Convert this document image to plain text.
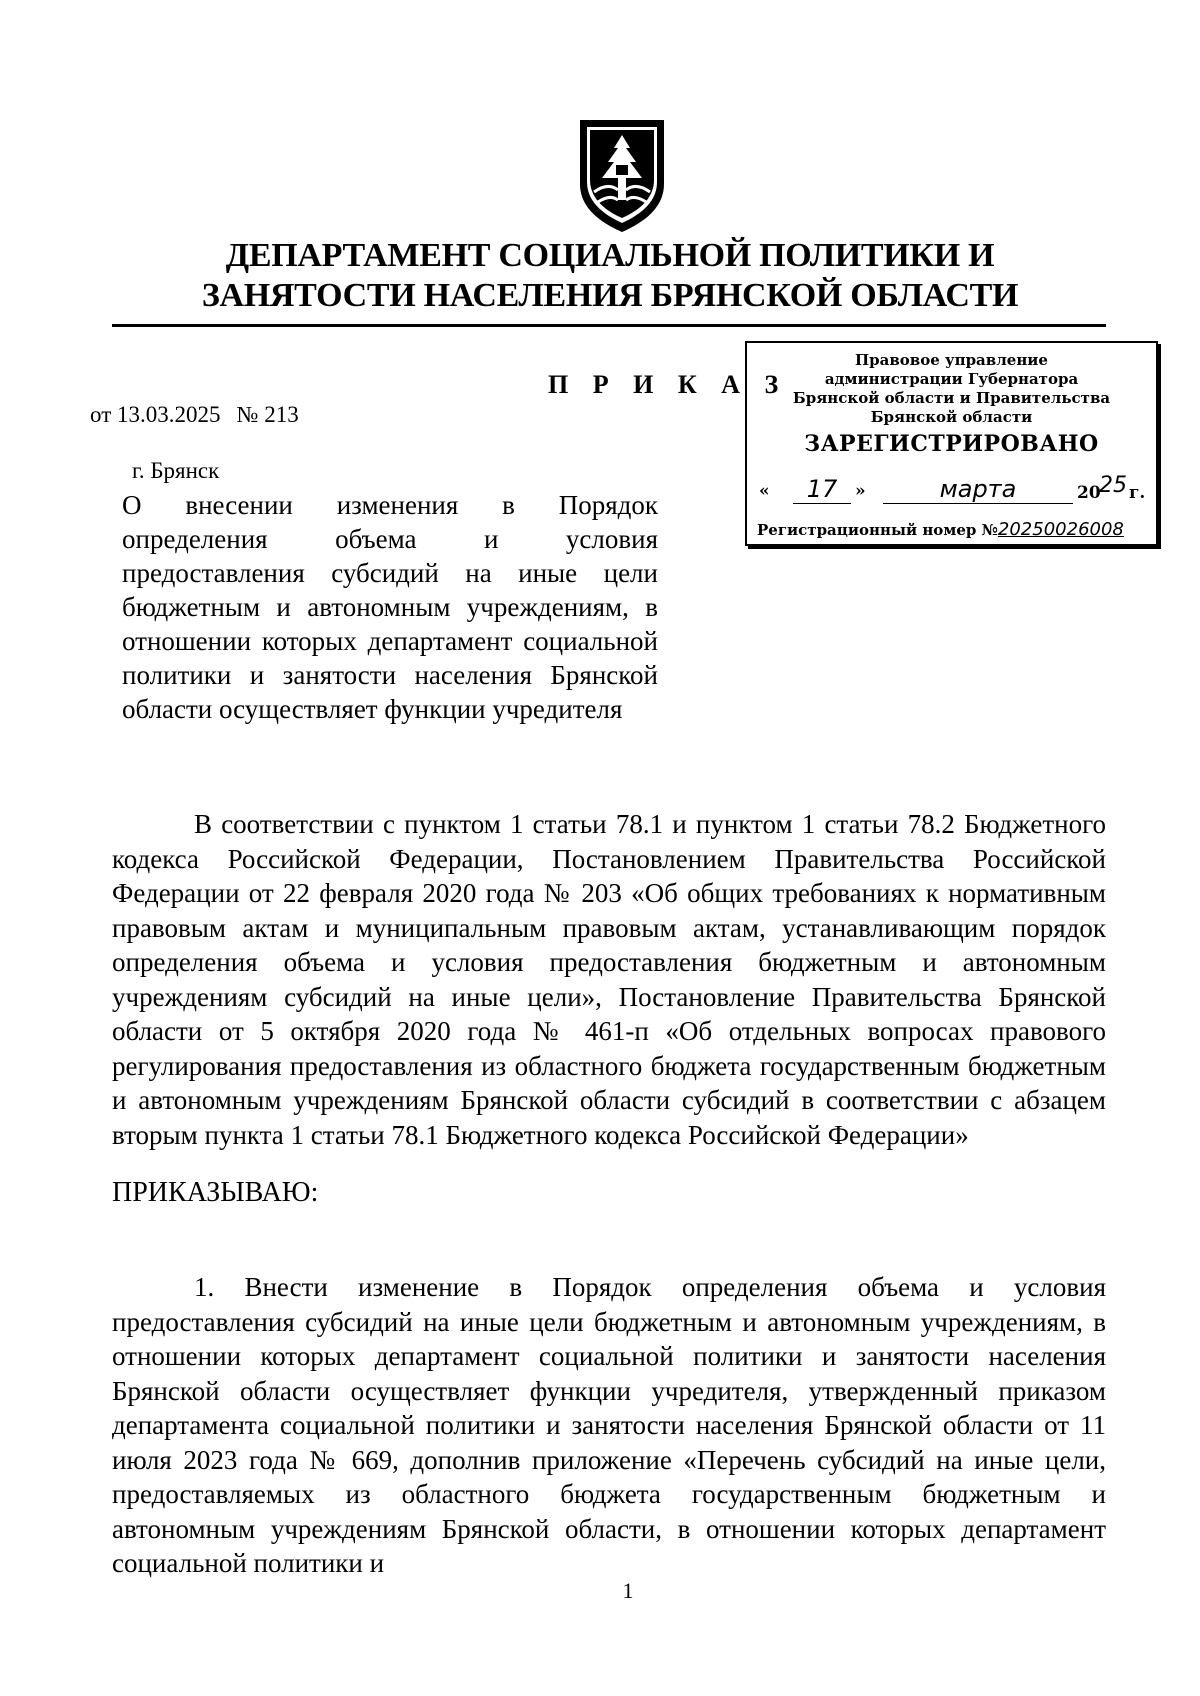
ДЕПАРТАМЕНТ СОЦИАЛЬНОЙ ПОЛИТИКИ И ЗАНЯТОСТИ НАСЕЛЕНИЯ БРЯНСКОЙ ОБЛАСТИ
П Р И К А З
от 13.03.2025 № 213
г. Брянск
О внесении изменения в Порядок определения объема и условия предоставления субсидий на иные цели бюджетным и автономным учреждениям, в отношении которых департамент социальной политики и занятости населения Брянской области осуществляет функции учредителя
Правовое управление
администрации Губернатора
Брянской области и Правительства
Брянской области
ЗАРЕГИСТРИРОВАНО
«	17	»	марта	20
25 г.
Регистрационный номер №20250026008
В соответствии с пунктом 1 статьи 78.1 и пунктом 1 статьи 78.2 Бюджетного кодекса Российской Федерации, Постановлением Правительства Российской Федерации от 22 февраля 2020 года № 203 «Об общих требованиях к нормативным правовым актам и муниципальным правовым актам, устанавливающим порядок определения объема и условия предоставления бюджетным и автономным учреждениям субсидий на иные цели», Постановление Правительства Брянской области от 5 октября 2020 года № 461-п «Об отдельных вопросах правового регулирования предоставления из областного бюджета государственным бюджетным и автономным учреждениям Брянской области субсидий в соответствии с абзацем вторым пункта 1 статьи 78.1 Бюджетного кодекса Российской Федерации»
ПРИКАЗЫВАЮ:
1. Внести изменение в Порядок определения объема и условия предоставления субсидий на иные цели бюджетным и автономным учреждениям, в отношении которых департамент социальной политики и занятости населения Брянской области осуществляет функции учредителя, утвержденный приказом департамента социальной политики и занятости населения Брянской области от 11 июля 2023 года № 669, дополнив приложение «Перечень субсидий на иные цели, предоставляемых из областного бюджета государственным бюджетным и автономным учреждениям Брянской области, в отношении которых департамент социальной политики и
1
